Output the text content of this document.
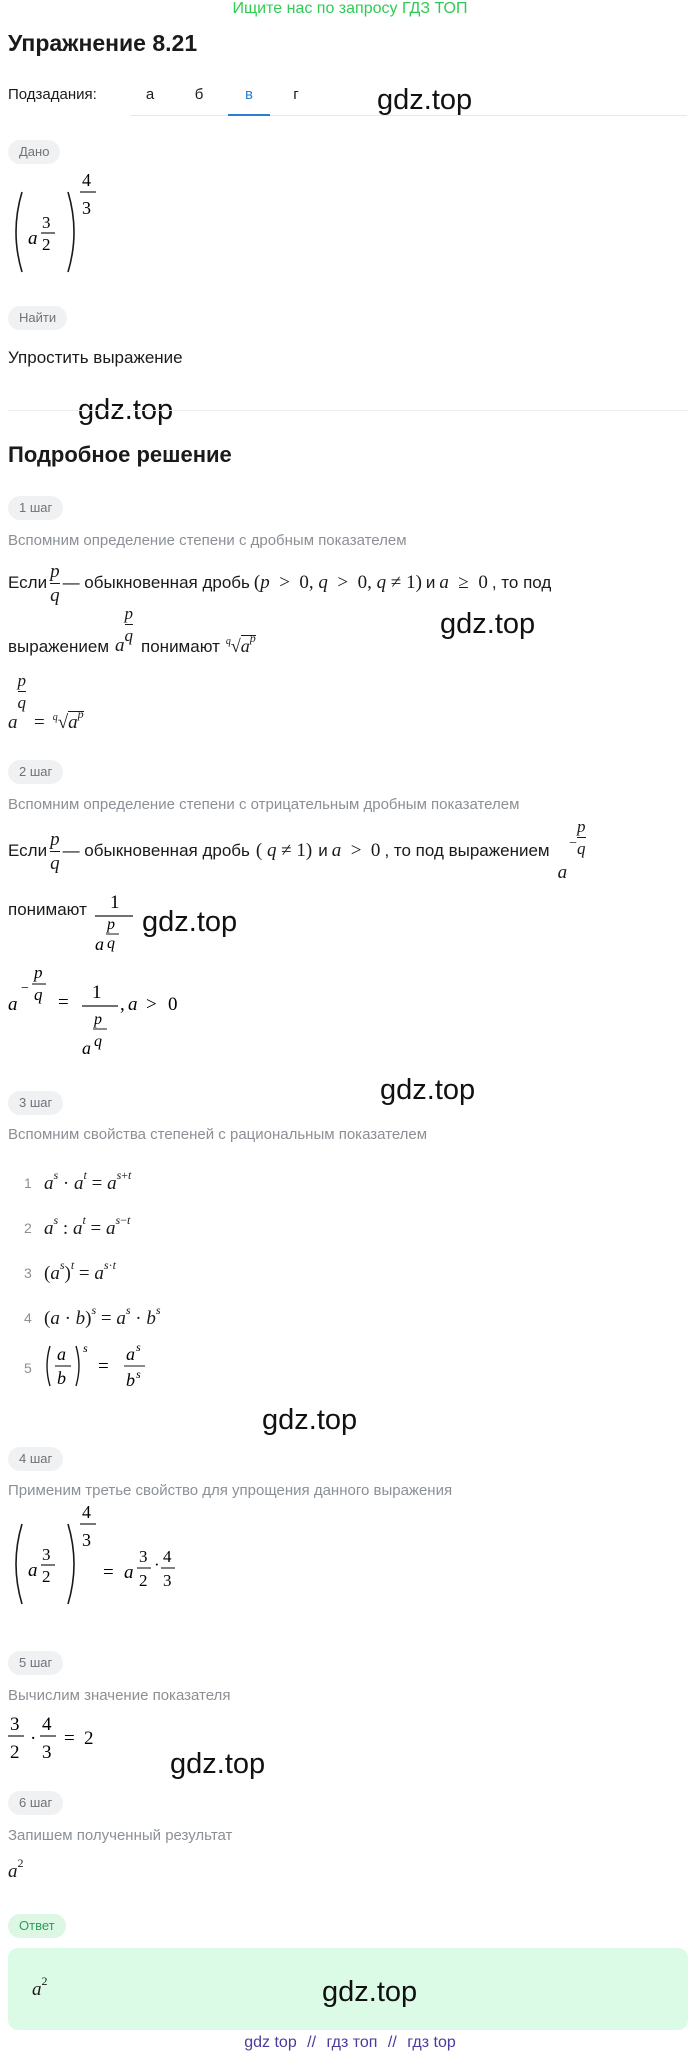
Ищите нас по запросу ГДЗ ТОП
Упражнение 8.21
Подзадания:	а	б	в	г	gdz.top
Дано
a
3
2
4
3
Найти
Упростить выражение
gdz.top
Подробное решение
1 шаг
Вспомним определение степени с дробным показателем
Если $\frac{p}{q}$ — обыкновенная дробь (p  >  0, q  >  0, q ≠ 1) и a  ≥  0 , то под
gdz.top
выражением a
$\frac{p}{q}$
понимают $^q√a^p$
a
$\frac{p}{q}$
= $^q√a^p$
2 шаг
Вспомним определение степени с отрицательным дробным показателем
Если $\frac{p}{q}$ — обыкновенная дробь ( q ≠ 1) и a  >  0 , то под выражением
a
− $\frac{p}{q}$
понимают 1
a
p
q
gdz.top
a
−
p
q = 1
a
p
q
, a > 0
gdz.top
3 шаг
Вспомним свойства степеней с рациональным показателем
1 $a^s \cdot a^t = a^{s+t}$
2 $a^s$ : $a^t = a^{s-t}$
3 $(a^s)^t = a^{s\cdot t}$
4 $(a \cdot b)^s = a^s \cdot b^s$
5
a
b
s
=
a s
b s
gdz.top
4 шаг
Применим третье свойство для упрощения данного выражения
a
3
2
4
3
= a
3
2
· 4
3
5 шаг
Вычислим значение показателя
3
2
·
4
3
= 2
gdz.top
6 шаг
Запишем полученный результат
$a^2$
Ответ
$a^2$	gdz.top
gdz top // гдз топ // гдз top
